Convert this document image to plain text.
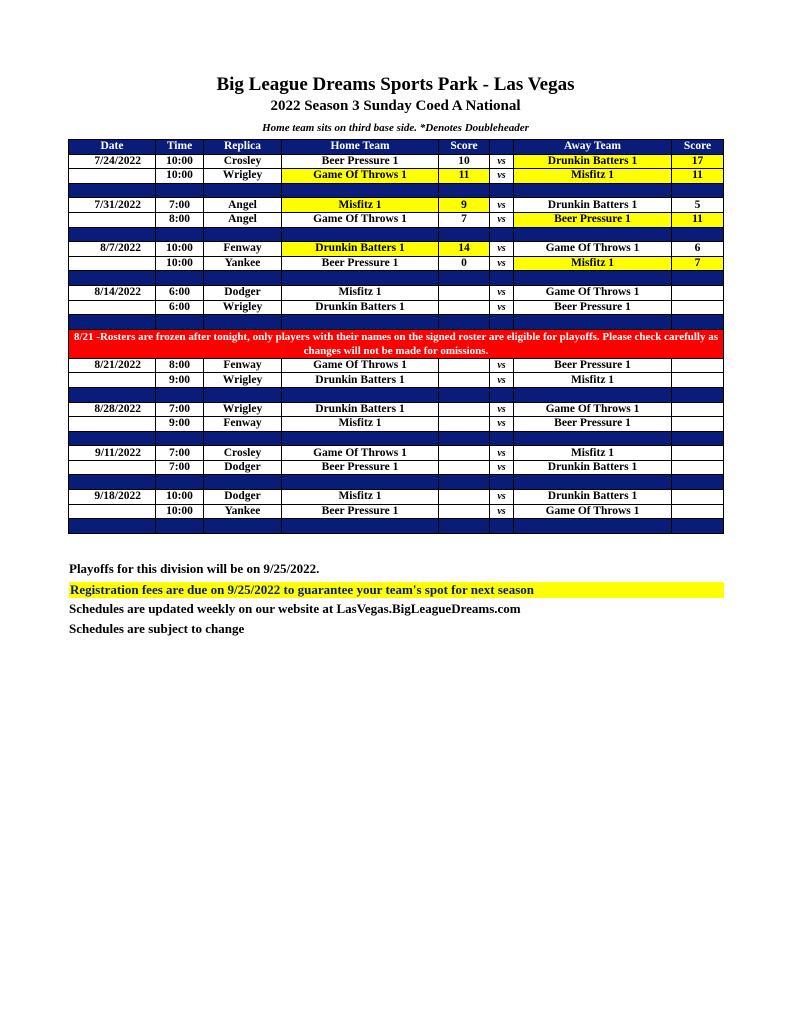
Big League Dreams Sports Park - Las Vegas
2022 Season 3 Sunday Coed A National
Home team sits on third base side. *Denotes Doubleheader
Date	Time	Replica	Home Team	Score		Away Team	Score
7/24/2022	10:00	Crosley	Beer Pressure 1	10	vs	Drunkin Batters 1	17
	10:00	Wrigley	Game Of Throws 1	11	vs	Misfitz 1	11

7/31/2022	7:00	Angel	Misfitz 1	9	vs	Drunkin Batters 1	5
	8:00	Angel	Game Of Throws 1	7	vs	Beer Pressure 1	11

8/7/2022	10:00	Fenway	Drunkin Batters 1	14	vs	Game Of Throws 1	6
	10:00	Yankee	Beer Pressure 1	0	vs	Misfitz 1	7

8/14/2022	6:00	Dodger	Misfitz 1		vs	Game Of Throws 1	
	6:00	Wrigley	Drunkin Batters 1		vs	Beer Pressure 1	

8/21 -Rosters are frozen after tonight, only players with their names on the signed roster are eligible for playoffs. Please check carefully as changes will not be made for omissions.							
8/21/2022	8:00	Fenway	Game Of Throws 1		vs	Beer Pressure 1	
	9:00	Wrigley	Drunkin Batters 1		vs	Misfitz 1	

8/28/2022	7:00	Wrigley	Drunkin Batters 1		vs	Game Of Throws 1	
	9:00	Fenway	Misfitz 1		vs	Beer Pressure 1	

9/11/2022	7:00	Crosley	Game Of Throws 1		vs	Misfitz 1	
	7:00	Dodger	Beer Pressure 1		vs	Drunkin Batters 1	

9/18/2022	10:00	Dodger	Misfitz 1		vs	Drunkin Batters 1	
	10:00	Yankee	Beer Pressure 1		vs	Game Of Throws 1	

Playoffs for this division will be on 9/25/2022.
Registration fees are due on 9/25/2022 to guarantee your team's spot for next season
Schedules are updated weekly on our website at LasVegas.BigLeagueDreams.com
Schedules are subject to change
